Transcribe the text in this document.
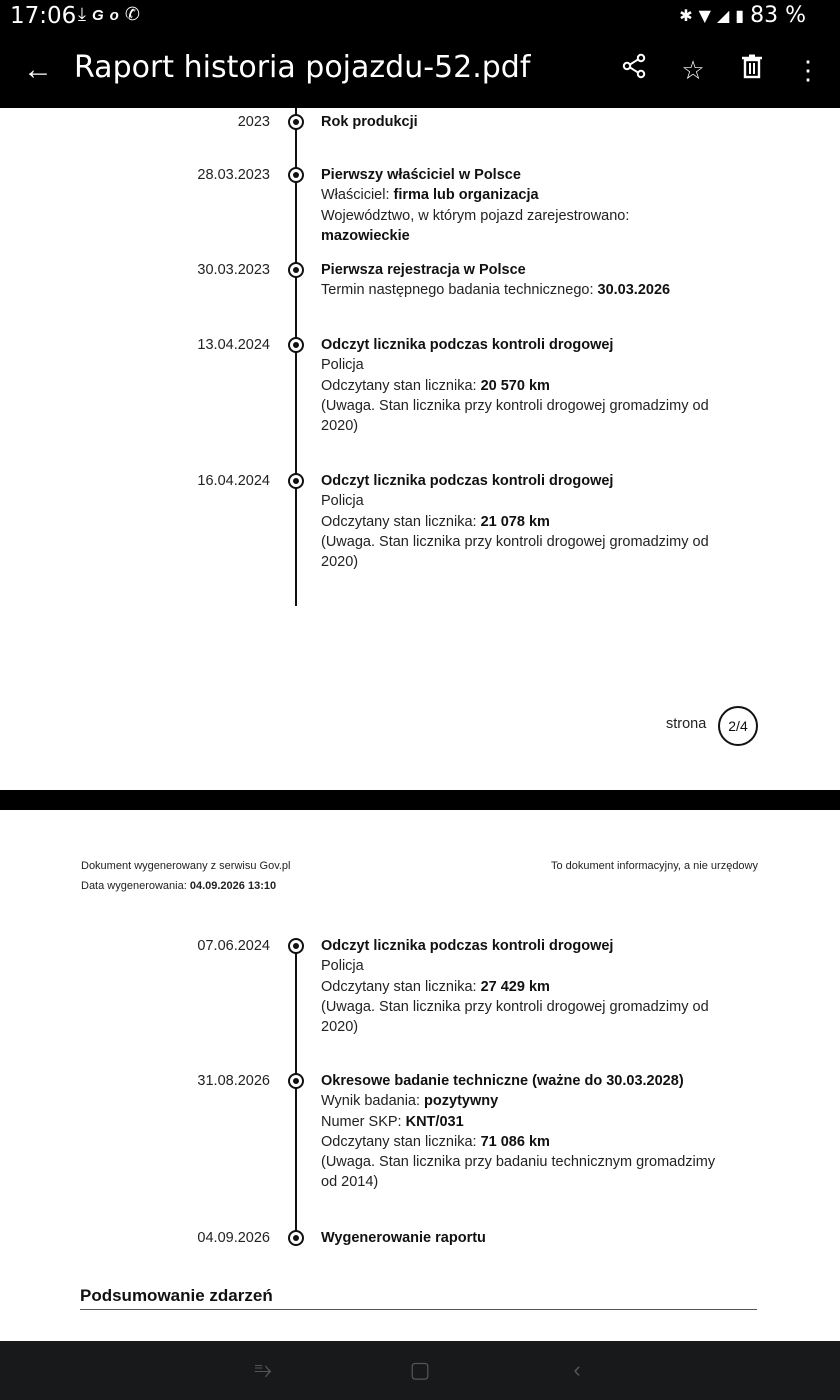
17:06 ⤓Go✆	✱ ▼ ◢ ▮ 83 %
← Raport historia pojazdu-52.pdf	☆	⋮
2023	Rok produkcji
28.03.2023	Pierwszy właściciel w Polsce
Właściciel: firma lub organizacja
Województwo, w którym pojazd zarejestrowano: mazowieckie
30.03.2023	Pierwsza rejestracja w Polsce
Termin następnego badania technicznego: 30.03.2026
13.04.2024	Odczyt licznika podczas kontroli drogowej
Policja
Odczytany stan licznika: 20 570 km
(Uwaga. Stan licznika przy kontroli drogowej gromadzimy od 2020)
16.04.2024	Odczyt licznika podczas kontroli drogowej
Policja
Odczytany stan licznika: 21 078 km
(Uwaga. Stan licznika przy kontroli drogowej gromadzimy od 2020)
strona	2/4
Dokument wygenerowany z serwisu Gov.pl
Data wygenerowania: 04.09.2026 13:10
To dokument informacyjny, a nie urzędowy
07.06.2024	Odczyt licznika podczas kontroli drogowej
Policja
Odczytany stan licznika: 27 429 km
(Uwaga. Stan licznika przy kontroli drogowej gromadzimy od 2020)
31.08.2026	Okresowe badanie techniczne (ważne do 30.03.2028)
Wynik badania: pozytywny
Numer SKP: KNT/031
Odczytany stan licznika: 71 086 km
(Uwaga. Stan licznika przy badaniu technicznym gromadzimy od 2014)
04.09.2026	Wygenerowanie raportu
Podsumowanie zdarzeń
⥱	▢	‹
